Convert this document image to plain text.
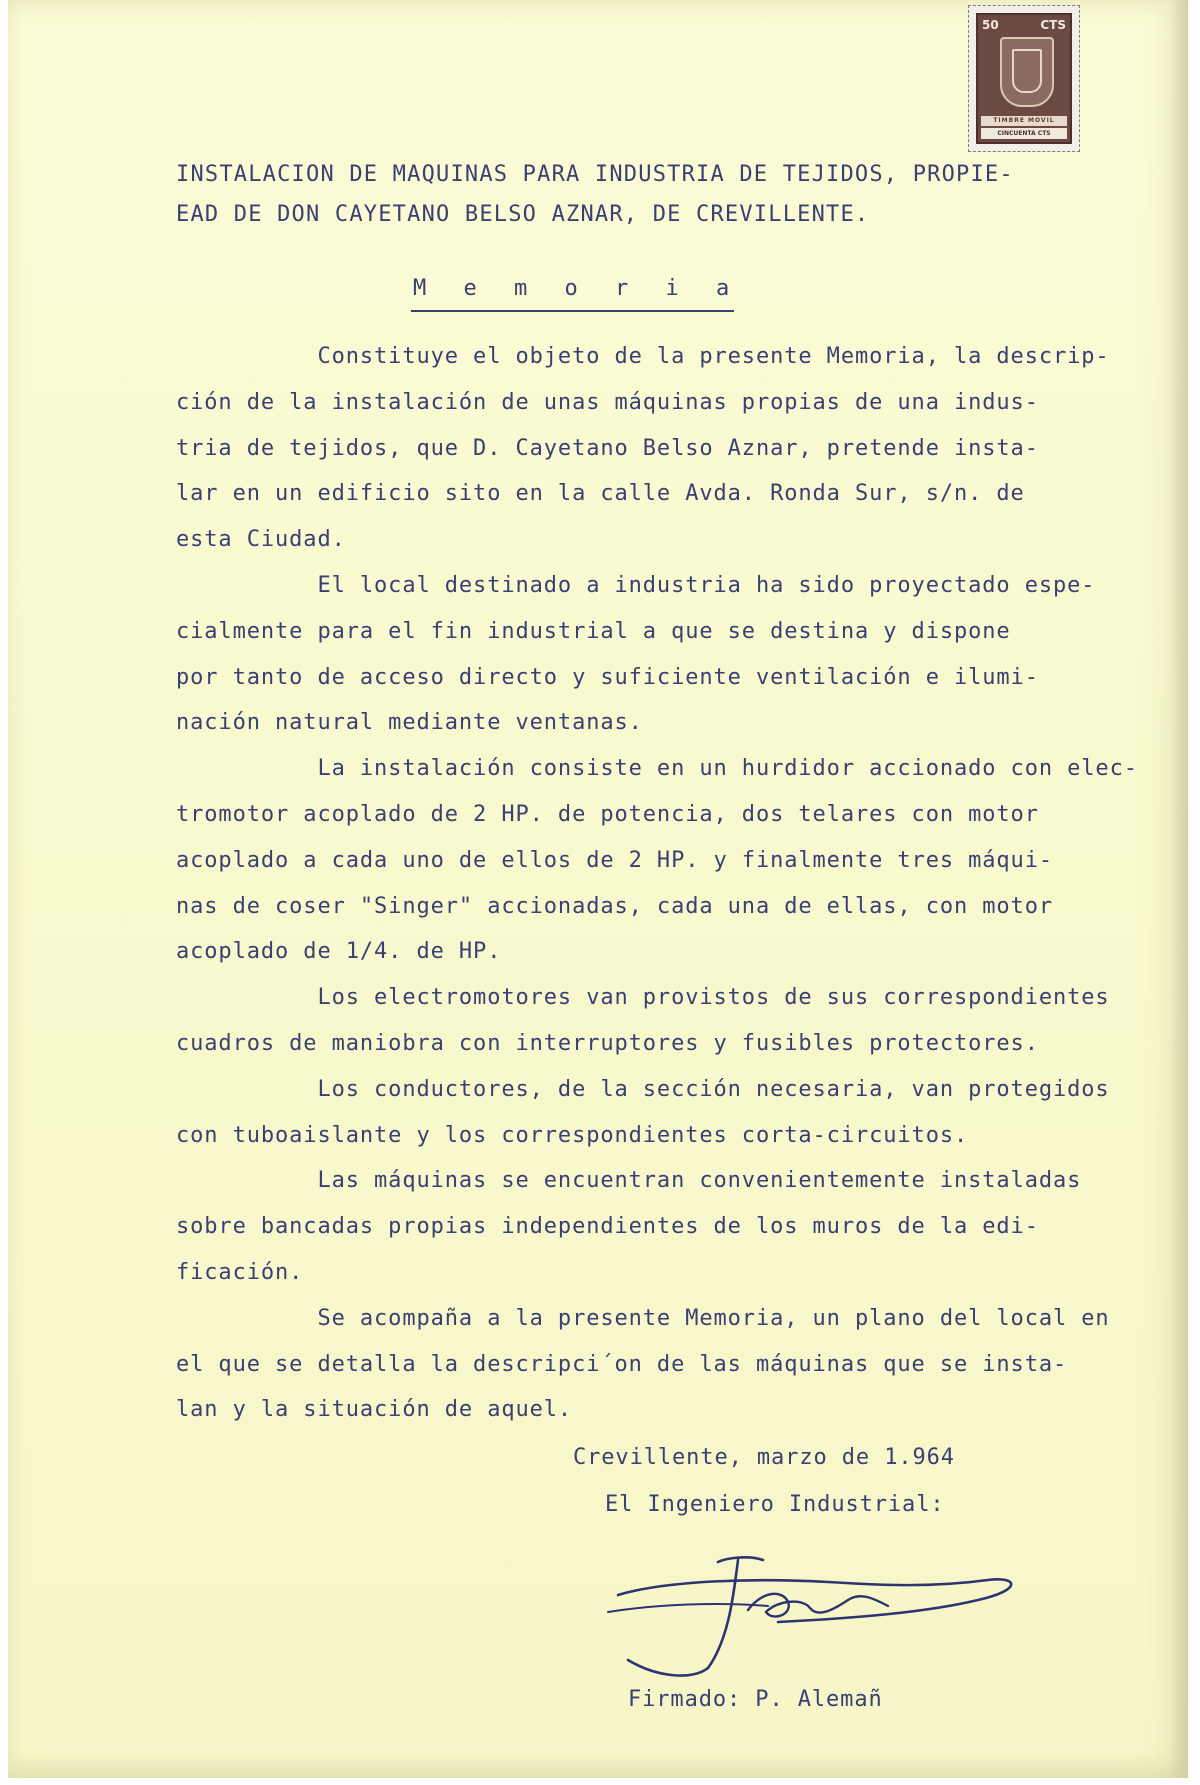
50	CTS
TIMBRE MOVIL
CINCUENTA CTS
INSTALACION DE MAQUINAS PARA INDUSTRIA DE TEJIDOS, PROPIE-
EAD DE DON CAYETANO BELSO AZNAR, DE CREVILLENTE.
M e m o r i a
Constituye el objeto de la presente Memoria, la descrip-
ción de la instalación de unas máquinas propias de una indus-
tria de tejidos, que D. Cayetano Belso Aznar, pretende insta-
lar en un edificio sito en la calle Avda. Ronda Sur, s/n. de
esta Ciudad.
El local destinado a industria ha sido proyectado espe-
cialmente para el fin industrial a que se destina y dispone
por tanto de acceso directo y suficiente ventilación e ilumi-
nación natural mediante ventanas.
La instalación consiste en un hurdidor accionado con elec-
tromotor acoplado de 2 HP. de potencia, dos telares con motor
acoplado a cada uno de ellos de 2 HP. y finalmente tres máqui-
nas de coser "Singer" accionadas, cada una de ellas, con motor
acoplado de 1/4. de HP.
Los electromotores van provistos de sus correspondientes
cuadros de maniobra con interruptores y fusibles protectores.
Los conductores, de la sección necesaria, van protegidos
con tuboaislante y los correspondientes corta-circuitos.
Las máquinas se encuentran convenientemente instaladas
sobre bancadas propias independientes de los muros de la edi-
ficación.
Se acompaña a la presente Memoria, un plano del local en
el que se detalla la descripci´on de las máquinas que se insta-
lan y la situación de aquel.
Crevillente, marzo de 1.964
El Ingeniero Industrial:
Firmado: P. Alemañ
